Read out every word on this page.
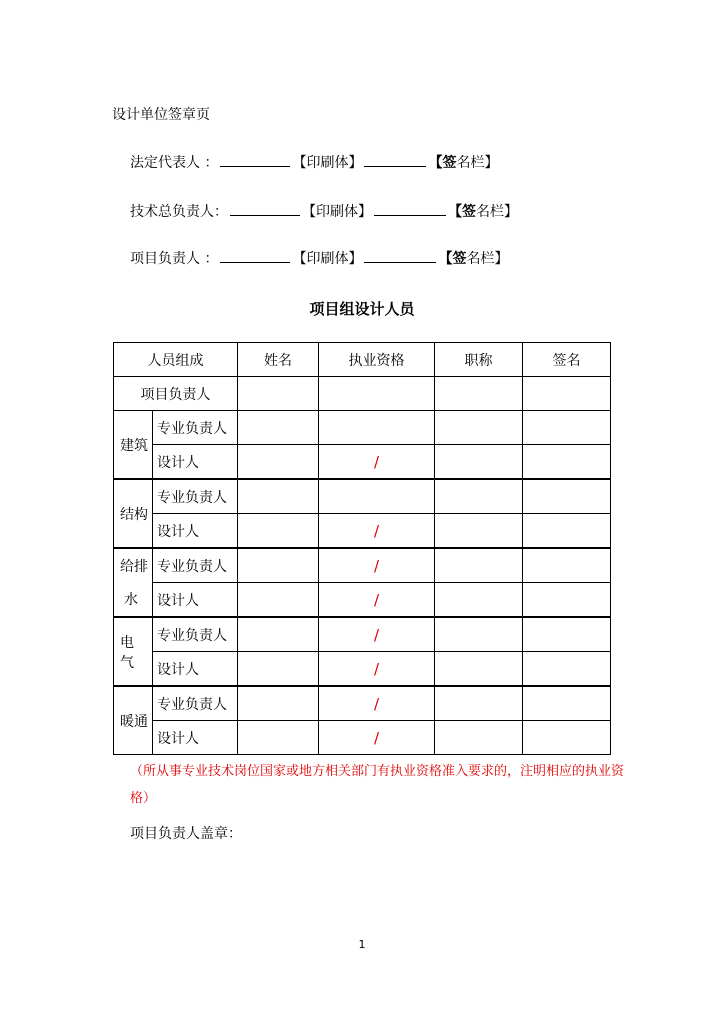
设计单位签章页
法定代表人 ：	【印刷体】	【签名栏】
技术总负责人：	【印刷体】	【签名栏】
项目负责人 ：	【印刷体】	【签名栏】
项目组设计人员
人员组成		姓名	执业资格	职称	签名
项目负责人					
建筑	专业负责人				
	设计人		/		
结构	专业负责人				
	设计人		/		
给排	专业负责人		/		
水	设计人		/		
电 气	专业负责人		/		
	设计人		/		
暖通	专业负责人		/		
	设计人		/		
（所从事专业技术岗位国家或地方相关部门有执业资格准入要求的，注明相应的执业资
格）
项目负责人盖章：
1
